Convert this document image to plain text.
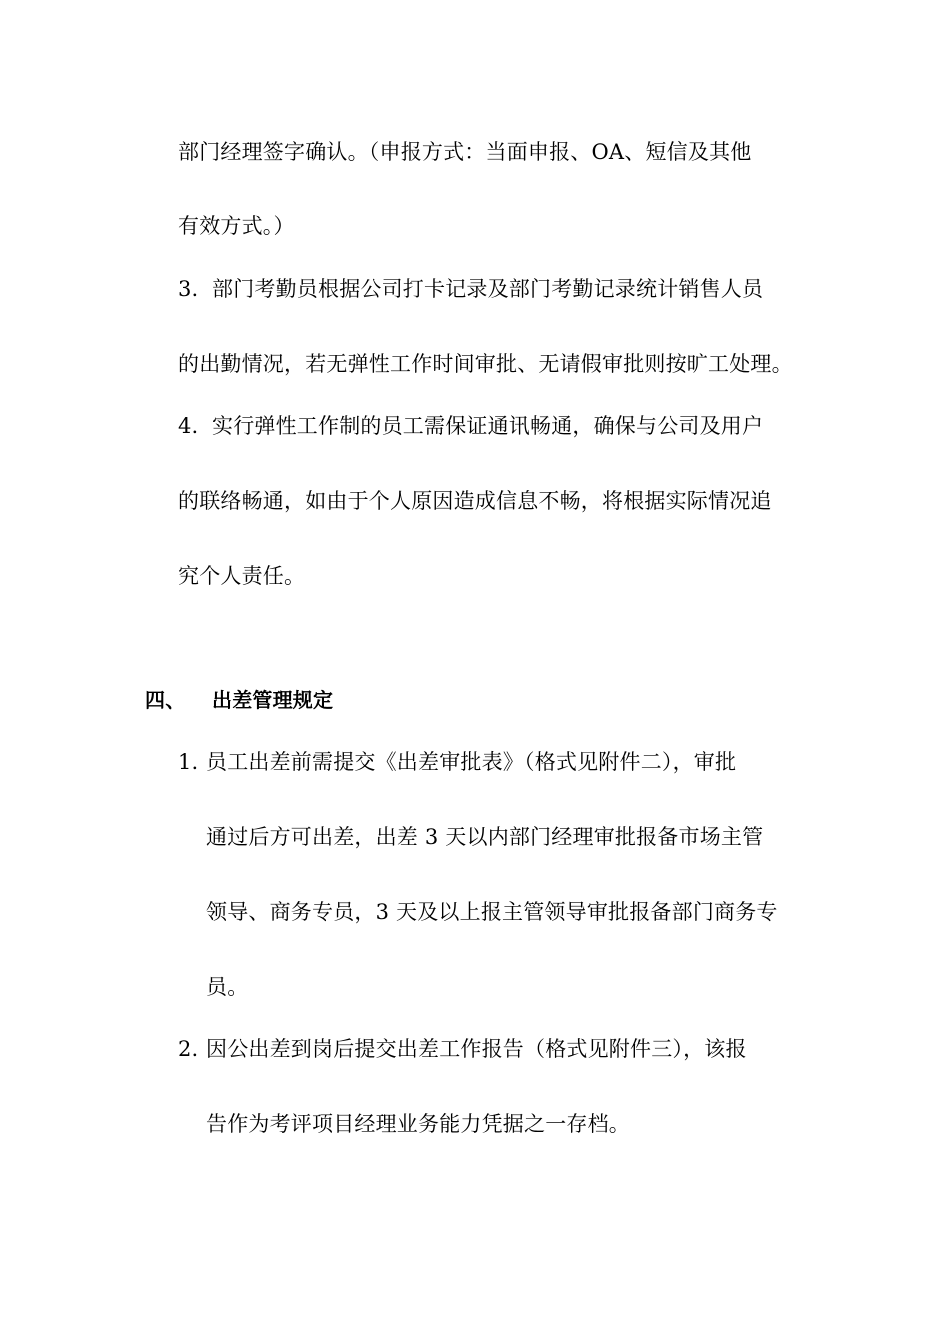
部门经理签字确认。（申报方式：当面申报、OA、短信及其他
有效方式。）
3. 部门考勤员根据公司打卡记录及部门考勤记录统计销售人员
的出勤情况，若无弹性工作时间审批、无请假审批则按旷工处理。
4. 实行弹性工作制的员工需保证通讯畅通，确保与公司及用户
的联络畅通，如由于个人原因造成信息不畅，将根据实际情况追
究个人责任。
四、 出差管理规定
1. 员工出差前需提交《出差审批表》（格式见附件二），审批
通过后方可出差，出差 3 天以内部门经理审批报备市场主管
领导、商务专员，3 天及以上报主管领导审批报备部门商务专
员。
2. 因公出差到岗后提交出差工作报告（格式见附件三），该报
告作为考评项目经理业务能力凭据之一存档。
